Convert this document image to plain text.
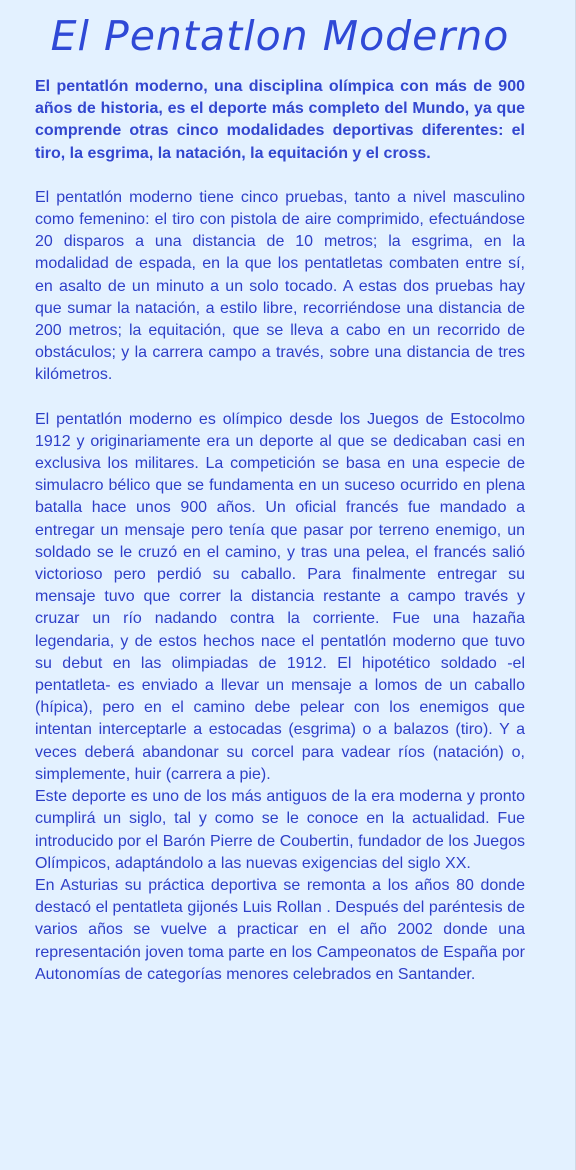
El Pentatlon Moderno

El pentatlón moderno, una disciplina olímpica con más de 900 años de historia, es el deporte más completo del Mundo, ya que comprende otras cinco modalidades deportivas diferentes: el tiro, la esgrima, la natación, la equitación y el cross.

El pentatlón moderno tiene cinco pruebas, tanto a nivel masculino como femenino: el tiro con pistola de aire comprimido, efectuándose 20 disparos a una distancia de 10 metros; la esgrima, en la modalidad de espada, en la que los pentatletas combaten entre sí, en asalto de un minuto a un solo tocado. A estas dos pruebas hay que sumar la natación, a estilo libre, recorriéndose una distancia de 200 metros; la equitación, que se lleva a cabo en un recorrido de obstáculos; y la carrera campo a través, sobre una distancia de tres kilómetros.

El pentatlón moderno es olímpico desde los Juegos de Estocolmo 1912 y originariamente era un deporte al que se dedicaban casi en exclusiva los militares. La competición se basa en una especie de simulacro bélico que se fundamenta en un suceso ocurrido en plena batalla hace unos 900 años. Un oficial francés fue mandado a entregar un mensaje pero tenía que pasar por terreno enemigo, un soldado se le cruzó en el camino, y tras una pelea, el francés salió victorioso pero perdió su caballo. Para finalmente entregar su mensaje tuvo que correr la distancia restante a campo través y cruzar un río nadando contra la corriente. Fue una hazaña legendaria, y de estos hechos nace el pentatlón moderno que tuvo su debut en las olimpiadas de 1912. El hipotético soldado -el pentatleta- es enviado a llevar un mensaje a lomos de un caballo (hípica), pero en el camino debe pelear con los enemigos que intentan interceptarle a estocadas (esgrima) o a balazos (tiro). Y a veces deberá abandonar su corcel para vadear ríos (natación) o, simplemente, huir (carrera a pie).

Este deporte es uno de los más antiguos de la era moderna y pronto cumplirá un siglo, tal y como se le conoce en la actualidad. Fue introducido por el Barón Pierre de Coubertin, fundador de los Juegos Olímpicos, adaptándolo a las nuevas exigencias del siglo XX.

En Asturias su práctica deportiva se remonta a los años 80 donde destacó el pentatleta gijonés Luis Rollan . Después del paréntesis de varios años se vuelve a practicar en el año 2002 donde una representación joven toma parte en los Campeonatos de España por Autonomías de categorías menores celebrados en Santander.
